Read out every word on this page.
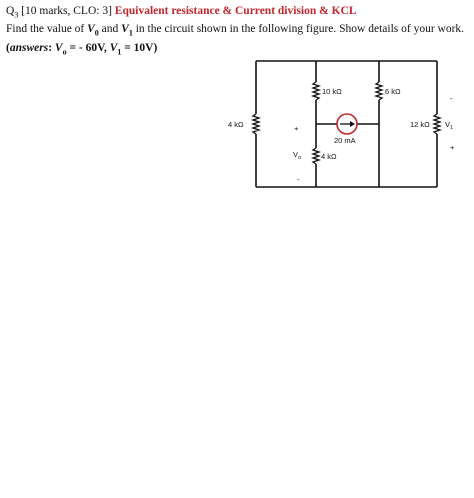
$Q_3$ [10 marks, CLO: 3] Equivalent resistance & Current division & KCL
Find the value of $V_0$ and $V_1$ in the circuit shown in the following figure. Show details of your work.
(answers: $V_o$ = - 60V, $V_1 = 10V$)
4 kΩ
10 kΩ	6 kΩ
12 kΩ
4 kΩ
20 mA
-
$V_1$
+
+
$V_o$
-
